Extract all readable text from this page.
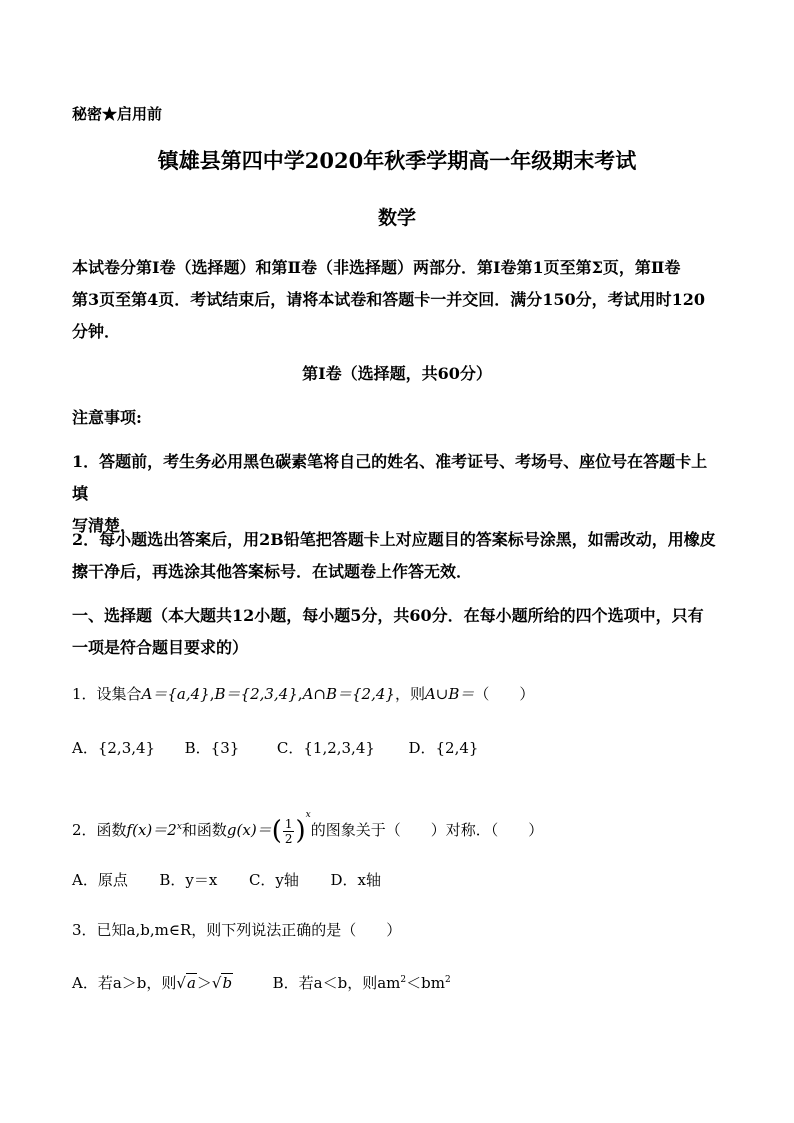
秘密★启用前

镇雄县第四中学2020年秋季学期高一年级期末考试

数学

本试卷分第Ⅰ卷（选择题）和第Ⅱ卷（非选择题）两部分．第Ⅰ卷第1页至第Σ页，第Ⅱ卷
第3页至第4页．考试结束后，请将本试卷和答题卡一并交回．满分150分，考试用时120
分钟．

第Ⅰ卷（选择题，共60分）

注意事项:

1．答题前，考生务必用黑色碳素笔将自己的姓名、准考证号、考场号、座位号在答题卡上填
写清楚．
2．每小题选出答案后，用2B铅笔把答题卡上对应题目的答案标号涂黑，如需改动，用橡皮
擦干净后，再选涂其他答案标号．在试题卷上作答无效．
一、选择题（本大题共12小题，每小题5分，共60分．在每小题所给的四个选项中，只有
一项是符合题目要求的）
1．设集合A＝{a,4},B＝{2,3,4},A∩B＝{2,4}，则A∪B＝（　　）
A．{2,3,4} B．{3}	C．{1,2,3,4} D．{2,4}
2．函数$f(x)=2^x$和函数$g(x)=( \frac{1}{2} )^x$的图象关于（　　）对称．（　　）
A．原点 B．y＝x C．y轴 D．x轴

3．已知a,b,m∈R，则下列说法正确的是（　　）

A．若a＞b，则√a＞√b	B．若a＜b，则$am^2<bm^2$
